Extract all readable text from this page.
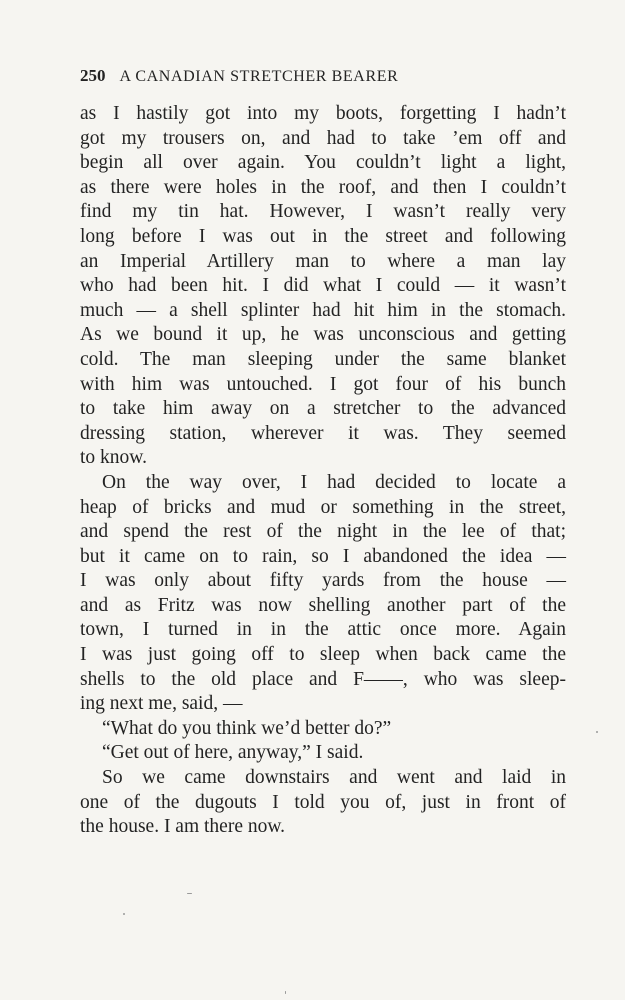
250 A CANADIAN STRETCHER BEARER
as I hastily got into my boots, forgetting I hadn’t
got my trousers on, and had to take ’em off and
begin all over again. You couldn’t light a light,
as there were holes in the roof, and then I couldn’t
find my tin hat. However, I wasn’t really very
long before I was out in the street and following
an Imperial Artillery man to where a man lay
who had been hit. I did what I could — it wasn’t
much — a shell splinter had hit him in the stomach.
As we bound it up, he was unconscious and getting
cold. The man sleeping under the same blanket
with him was untouched. I got four of his bunch
to take him away on a stretcher to the advanced
dressing station, wherever it was. They seemed
to know.
On the way over, I had decided to locate a
heap of bricks and mud or something in the street,
and spend the rest of the night in the lee of that;
but it came on to rain, so I abandoned the idea —
I was only about fifty yards from the house —
and as Fritz was now shelling another part of the
town, I turned in in the attic once more. Again
I was just going off to sleep when back came the
shells to the old place and F——, who was sleep-
ing next me, said, —
“What do you think we’d better do?”
“Get out of here, anyway,” I said.
So we came downstairs and went and laid in
one of the dugouts I told you of, just in front of
the house. I am there now.
